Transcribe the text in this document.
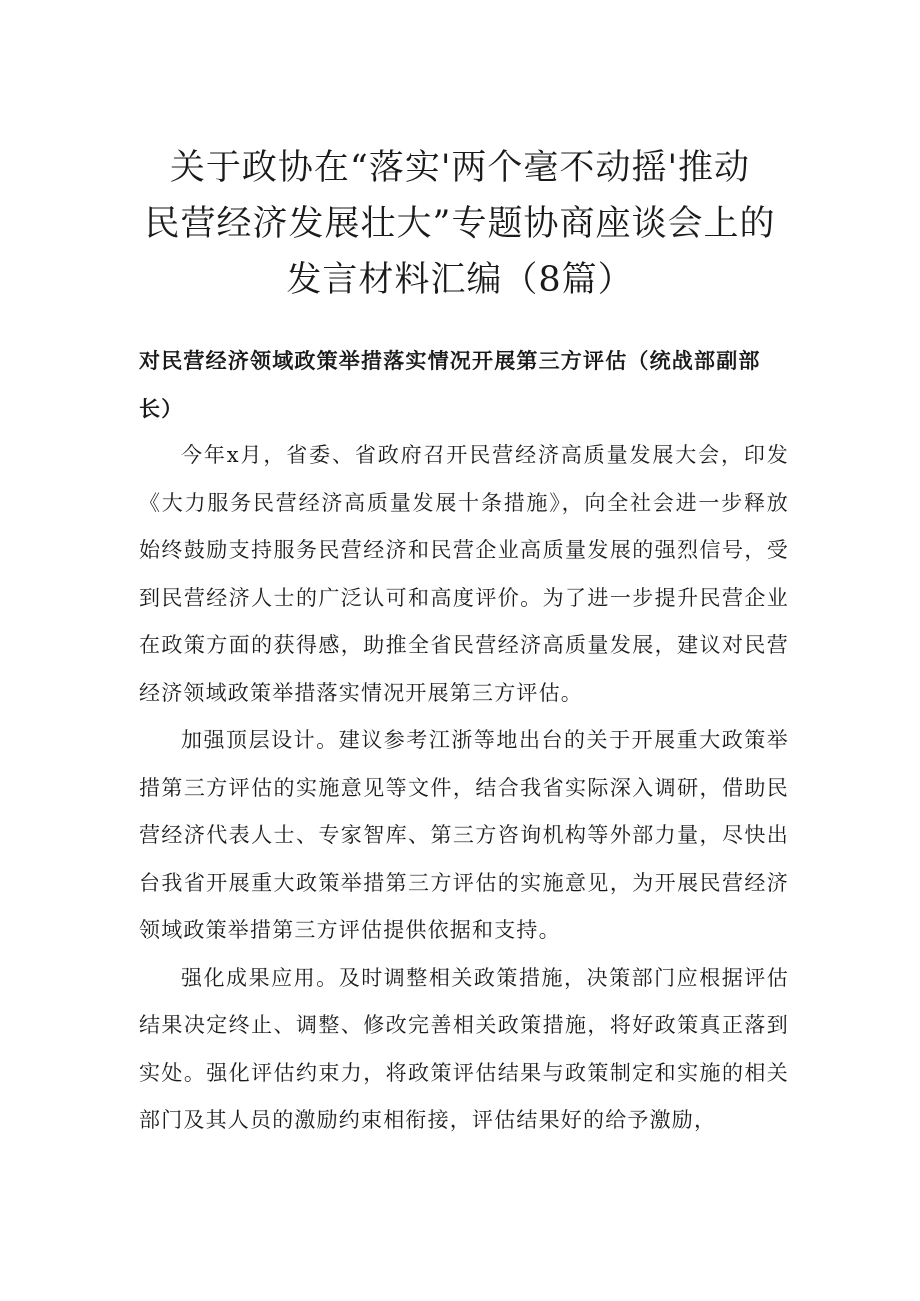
关于政协在“落实'两个毫不动摇'推动
民营经济发展壮大”专题协商座谈会上的
发言材料汇编（8篇）
对民营经济领域政策举措落实情况开展第三方评估（统战部副部长）

今年x月，省委、省政府召开民营经济高质量发展大会，印发《大力服务民营经济高质量发展十条措施》，向全社会进一步释放始终鼓励支持服务民营经济和民营企业高质量发展的强烈信号，受到民营经济人士的广泛认可和高度评价。为了进一步提升民营企业在政策方面的获得感，助推全省民营经济高质量发展，建议对民营经济领域政策举措落实情况开展第三方评估。

加强顶层设计。建议参考江浙等地出台的关于开展重大政策举措第三方评估的实施意见等文件，结合我省实际深入调研，借助民营经济代表人士、专家智库、第三方咨询机构等外部力量，尽快出台我省开展重大政策举措第三方评估的实施意见，为开展民营经济领域政策举措第三方评估提供依据和支持。

强化成果应用。及时调整相关政策措施，决策部门应根据评估结果决定终止、调整、修改完善相关政策措施，将好政策真正落到实处。强化评估约束力，将政策评估结果与政策制定和实施的相关部门及其人员的激励约束相衔接，评估结果好的给予激励，
